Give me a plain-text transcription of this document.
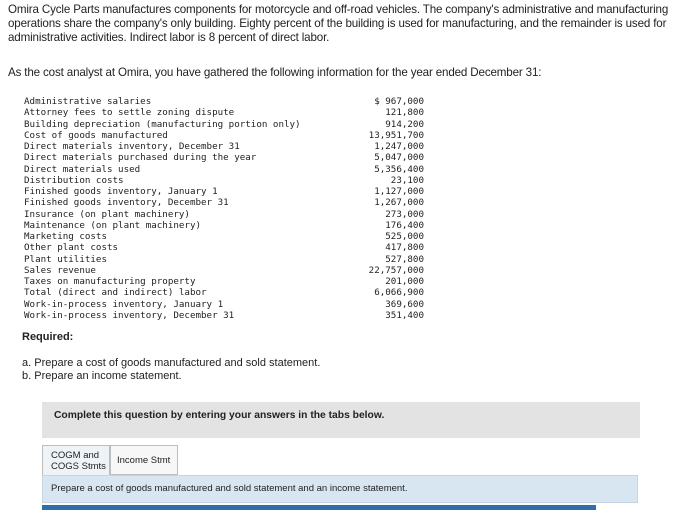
Omira Cycle Parts manufactures components for motorcycle and off-road vehicles. The company's administrative and manufacturing
operations share the company's only building. Eighty percent of the building is used for manufacturing, and the remainder is used for
administrative activities. Indirect labor is 8 percent of direct labor.
As the cost analyst at Omira, you have gathered the following information for the year ended December 31:
Administrative salaries	$ 967,000
Attorney fees to settle zoning dispute	121,800
Building depreciation (manufacturing portion only)	914,200
Cost of goods manufactured	13,951,700
Direct materials inventory, December 31	1,247,000
Direct materials purchased during the year	5,047,000
Direct materials used	5,356,400
Distribution costs	23,100
Finished goods inventory, January 1	1,127,000
Finished goods inventory, December 31	1,267,000
Insurance (on plant machinery)	273,000
Maintenance (on plant machinery)	176,400
Marketing costs	525,000
Other plant costs	417,800
Plant utilities	527,800
Sales revenue	22,757,000
Taxes on manufacturing property	201,000
Total (direct and indirect) labor	6,066,900
Work-in-process inventory, January 1	369,600
Work-in-process inventory, December 31	351,400
Required:
a. Prepare a cost of goods manufactured and sold statement.
b. Prepare an income statement.
Complete this question by entering your answers in the tabs below.
COGM and
COGS Stmts
Income Stmt
Prepare a cost of goods manufactured and sold statement and an income statement.
